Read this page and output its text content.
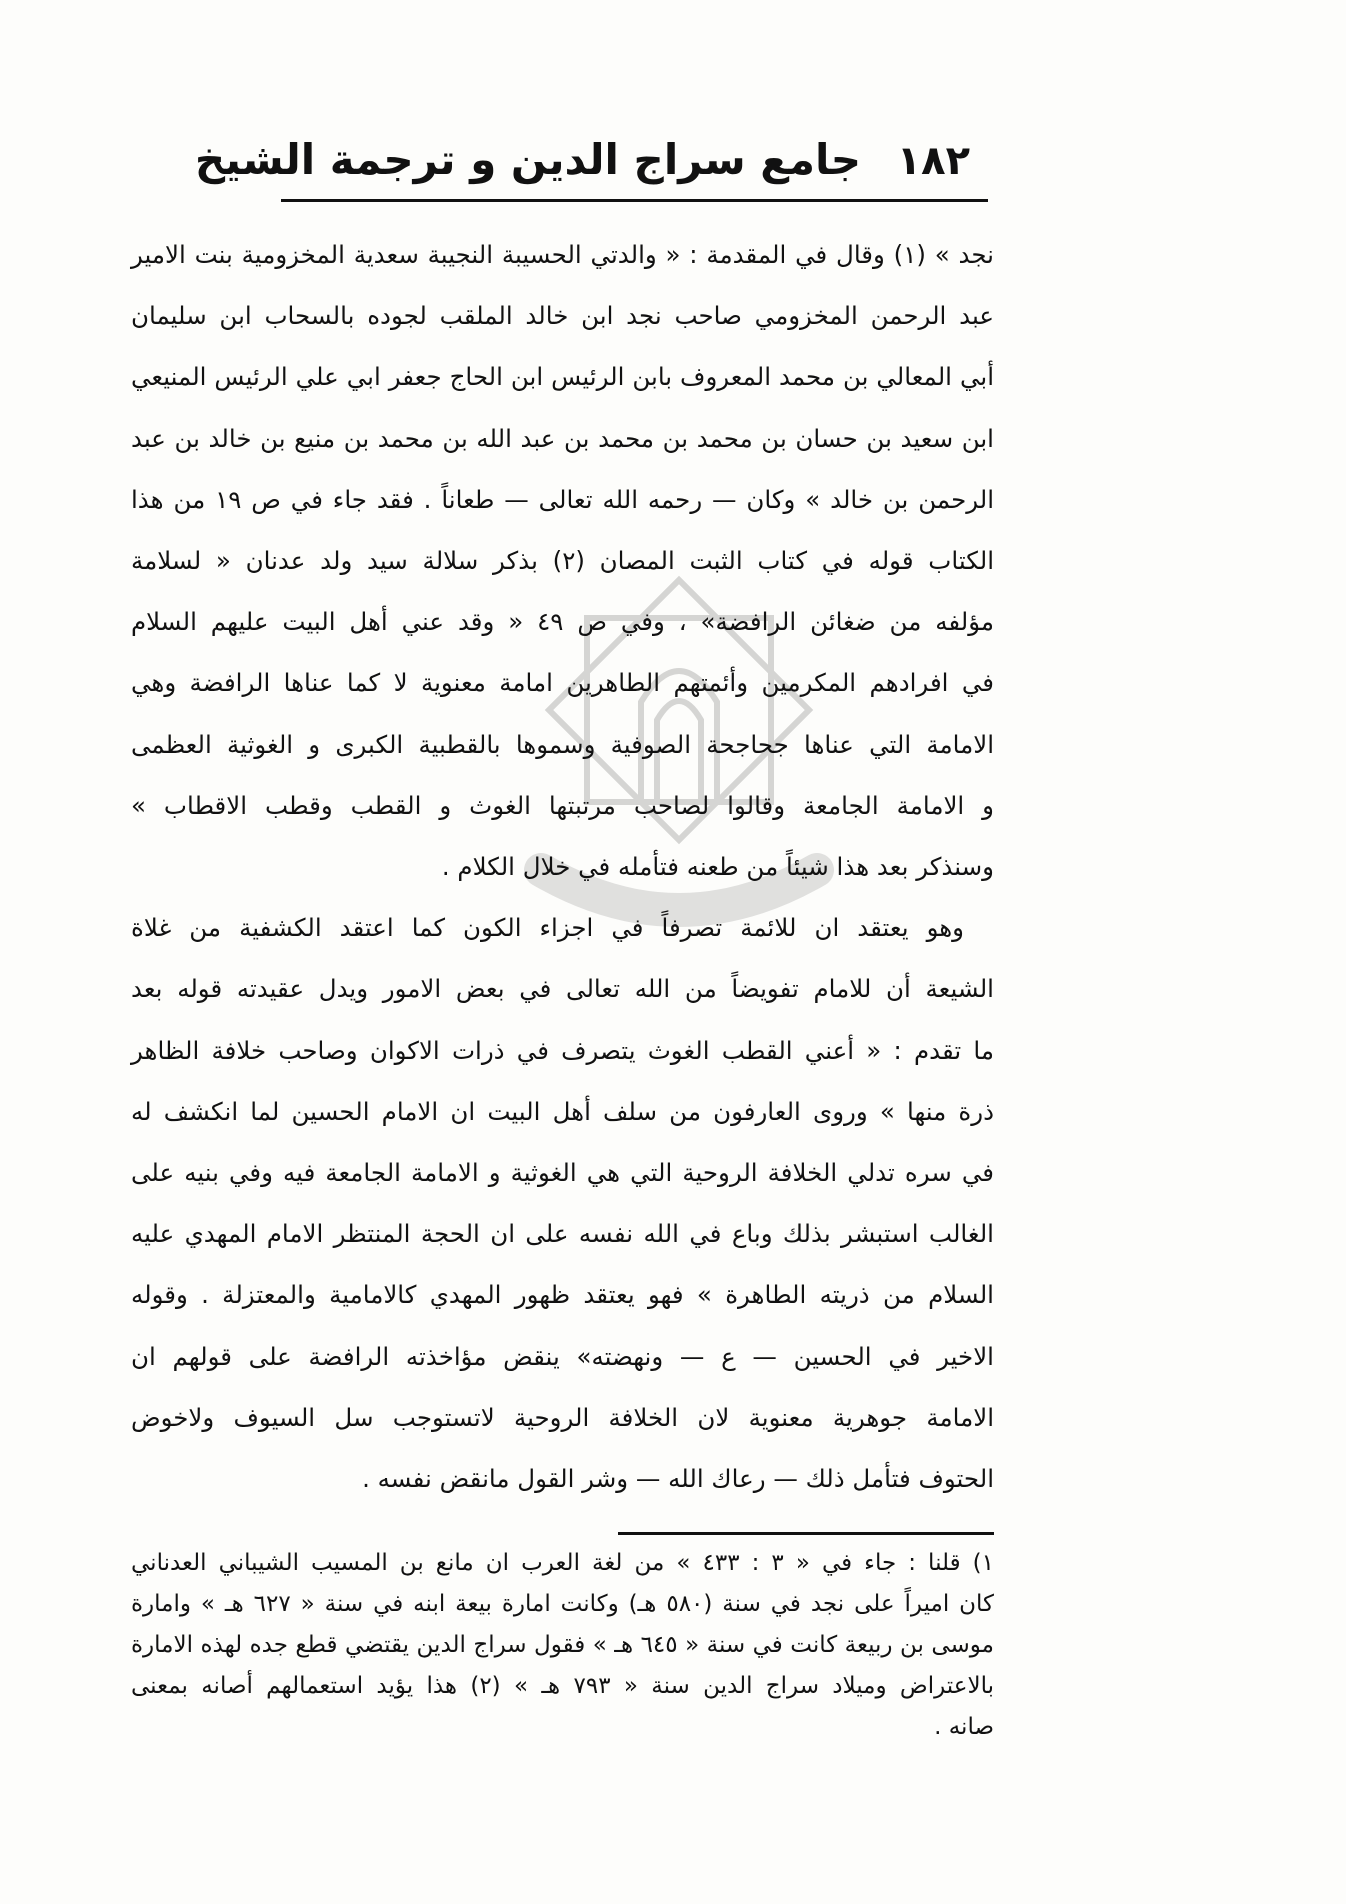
١٨٢
جامع سراج الدين و ترجمة الشيخ
نجد » (١) وقال في المقدمة : « والدتي الحسيبة النجيبة سعدية المخزومية بنت الامير
عبد الرحمن المخزومي صاحب نجد ابن خالد الملقب لجوده بالسحاب ابن سليمان
أبي المعالي بن محمد المعروف بابن الرئيس ابن الحاج جعفر ابي علي الرئيس المنيعي
ابن سعيد بن حسان بن محمد بن محمد بن عبد الله بن محمد بن منيع بن خالد بن عبد
الرحمن بن خالد » وكان — رحمه الله تعالى — طعاناً . فقد جاء في ص ١٩ من هذا
الكتاب قوله في كتاب الثبت المصان (٢) بذكر سلالة سيد ولد عدنان « لسلامة
مؤلفه من ضغائن الرافضة» ، وفي ص ٤٩ « وقد عني أهل البيت عليهم السلام
في افرادهم المكرمين وأئمتهم الطاهرين امامة معنوية لا كما عناها الرافضة وهي
الامامة التي عناها جحاجحة الصوفية وسموها بالقطبية الكبرى و الغوثية العظمى
و الامامة الجامعة وقالوا لصاحب مرتبتها الغوث و القطب وقطب الاقطاب »
وسنذكر بعد هذا شيئاً من طعنه فتأمله في خلال الكلام .
وهو يعتقد ان للائمة تصرفاً في اجزاء الكون كما اعتقد الكشفية من غلاة
الشيعة أن للامام تفويضاً من الله تعالى في بعض الامور ويدل عقيدته قوله بعد
ما تقدم : « أعني القطب الغوث يتصرف في ذرات الاكوان وصاحب خلافة الظاهر
ذرة منها » وروى العارفون من سلف أهل البيت ان الامام الحسين لما انكشف له
في سره تدلي الخلافة الروحية التي هي الغوثية و الامامة الجامعة فيه وفي بنيه على
الغالب استبشر بذلك وباع في الله نفسه على ان الحجة المنتظر الامام المهدي عليه
السلام من ذريته الطاهرة » فهو يعتقد ظهور المهدي كالامامية والمعتزلة . وقوله
الاخير في الحسين — ع — ونهضته» ينقض مؤاخذته الرافضة على قولهم ان
الامامة جوهرية معنوية لان الخلافة الروحية لاتستوجب سل السيوف ولاخوض
الحتوف فتأمل ذلك — رعاك الله — وشر القول مانقض نفسه .
١) قلنا : جاء في « ٣ : ٤٣٣ » من لغة العرب ان مانع بن المسيب الشيباني العدناني
كان اميراً على نجد في سنة (٥٨٠ هـ) وكانت امارة بيعة ابنه في سنة « ٦٢٧ هـ » وامارة
موسى بن ربيعة كانت في سنة « ٦٤٥ هـ » فقول سراج الدين يقتضي قطع جده لهذه الامارة
بالاعتراض وميلاد سراج الدين سنة « ٧٩٣ هـ » (٢) هذا يؤيد استعمالهم أصانه بمعنى
صانه .
